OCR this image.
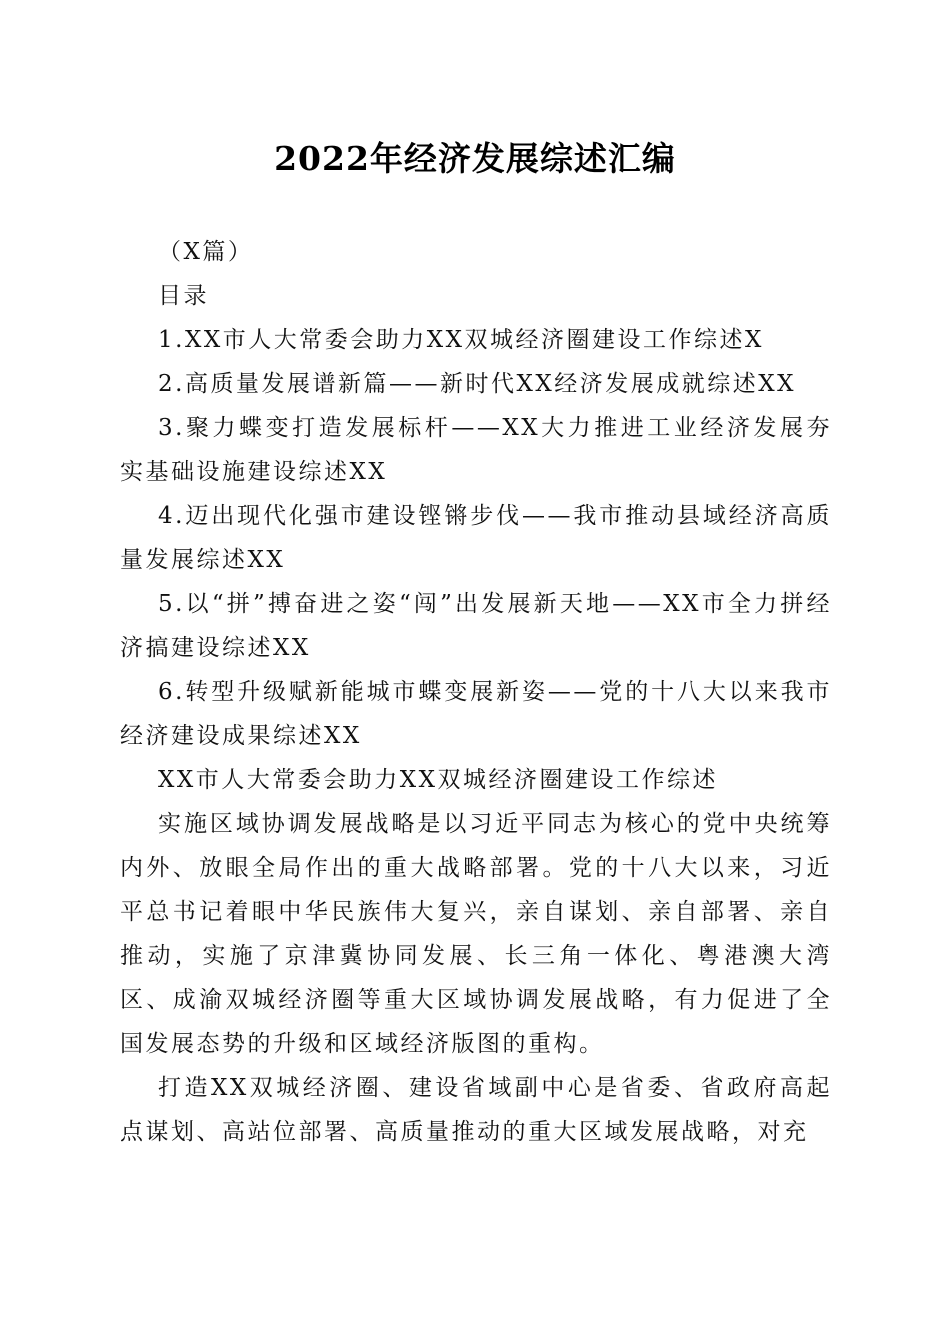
2022年经济发展综述汇编

（X篇）

目录

1.XX市人大常委会助力XX双城经济圈建设工作综述X

2.高质量发展谱新篇——新时代XX经济发展成就综述XX

3.聚力蝶变打造发展标杆——XX大力推进工业经济发展夯实基础设施建设综述XX

4.迈出现代化强市建设铿锵步伐——我市推动县域经济高质量发展综述XX

5.以“拼”搏奋进之姿“闯”出发展新天地——XX市全力拼经济搞建设综述XX

6.转型升级赋新能城市蝶变展新姿——党的十八大以来我市经济建设成果综述XX

XX市人大常委会助力XX双城经济圈建设工作综述

实施区域协调发展战略是以习近平同志为核心的党中央统筹内外、放眼全局作出的重大战略部署。党的十八大以来，习近平总书记着眼中华民族伟大复兴，亲自谋划、亲自部署、亲自推动，实施了京津冀协同发展、长三角一体化、粤港澳大湾区、成渝双城经济圈等重大区域协调发展战略，有力促进了全国发展态势的升级和区域经济版图的重构。

打造XX双城经济圈、建设省域副中心是省委、省政府高起点谋划、高站位部署、高质量推动的重大区域发展战略，对充
